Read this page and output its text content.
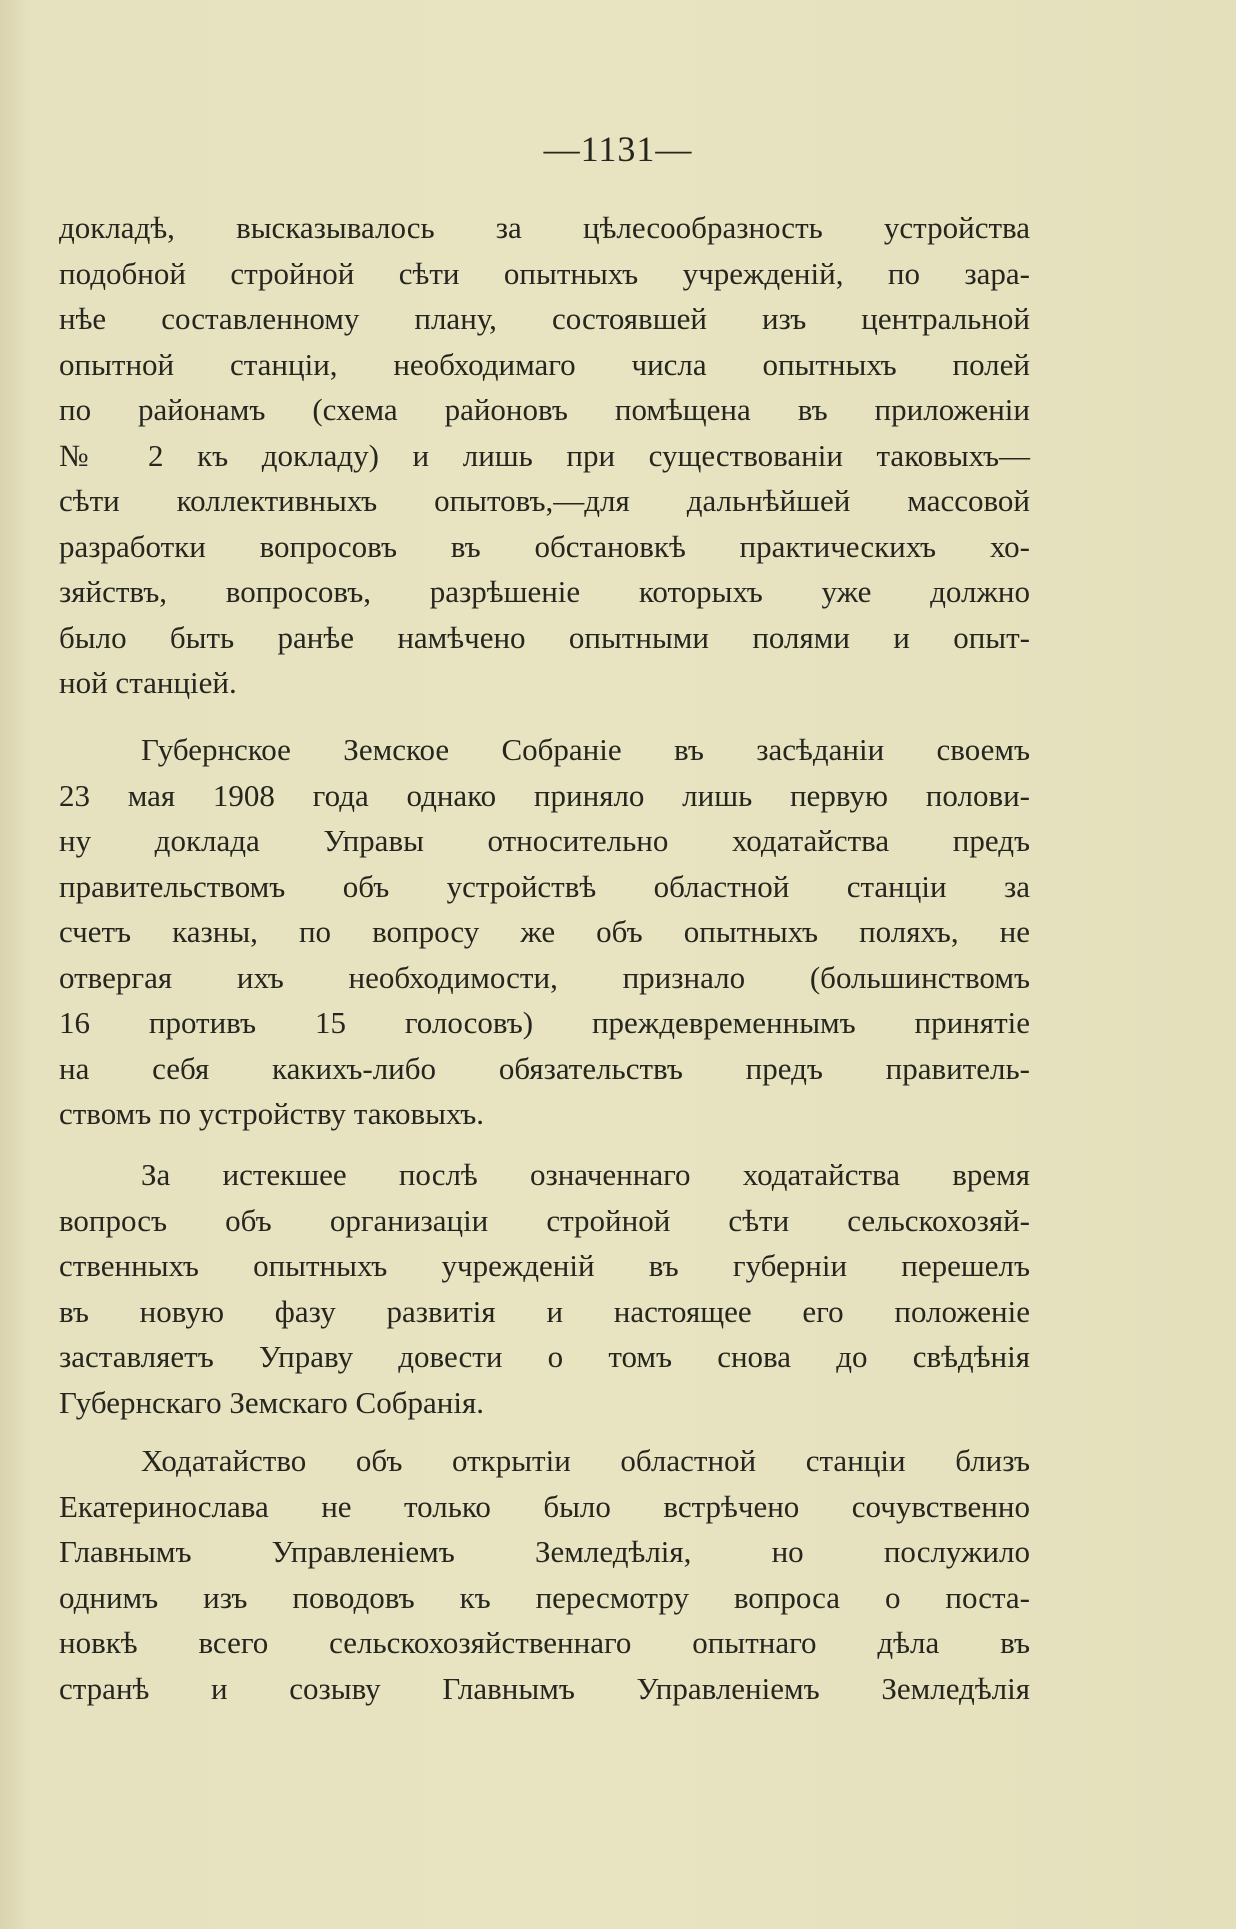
—1131—
докладѣ, высказывалось за цѣлесообразность устройства
подобной стройной сѣти опытныхъ учрежденій, по зара-
нѣе составленному плану, состоявшей изъ центральной
опытной станціи, необходимаго числа опытныхъ полей
по районамъ (схема районовъ помѣщена въ приложеніи
№ 2 къ докладу) и лишь при существованіи таковыхъ—
сѣти коллективныхъ опытовъ,—для дальнѣйшей массовой
разработки вопросовъ въ обстановкѣ практическихъ хо-
зяйствъ, вопросовъ, разрѣшеніе которыхъ уже должно
было быть ранѣе намѣчено опытными полями и опыт-
ной станціей.
Губернское Земское Собраніе въ засѣданіи своемъ
23 мая 1908 года однако приняло лишь первую полови-
ну доклада Управы относительно ходатайства предъ
правительствомъ объ устройствѣ областной станціи за
счетъ казны, по вопросу же объ опытныхъ поляхъ, не
отвергая ихъ необходимости, признало (большинствомъ
16 противъ 15 голосовъ) преждевременнымъ принятіе
на себя какихъ-либо обязательствъ предъ правитель-
ствомъ по устройству таковыхъ.
За истекшее послѣ означеннаго ходатайства время
вопросъ объ организаціи стройной сѣти сельскохозяй-
ственныхъ опытныхъ учрежденій въ губерніи перешелъ
въ новую фазу развитія и настоящее его положеніе
заставляетъ Управу довести о томъ снова до свѣдѣнія
Губернскаго Земскаго Собранія.
Ходатайство объ открытіи областной станціи близъ
Екатеринослава не только было встрѣчено сочувственно
Главнымъ Управленіемъ Земледѣлія, но послужило
однимъ изъ поводовъ къ пересмотру вопроса о поста-
новкѣ всего сельскохозяйственнаго опытнаго дѣла въ
странѣ и созыву Главнымъ Управленіемъ Земледѣлія
